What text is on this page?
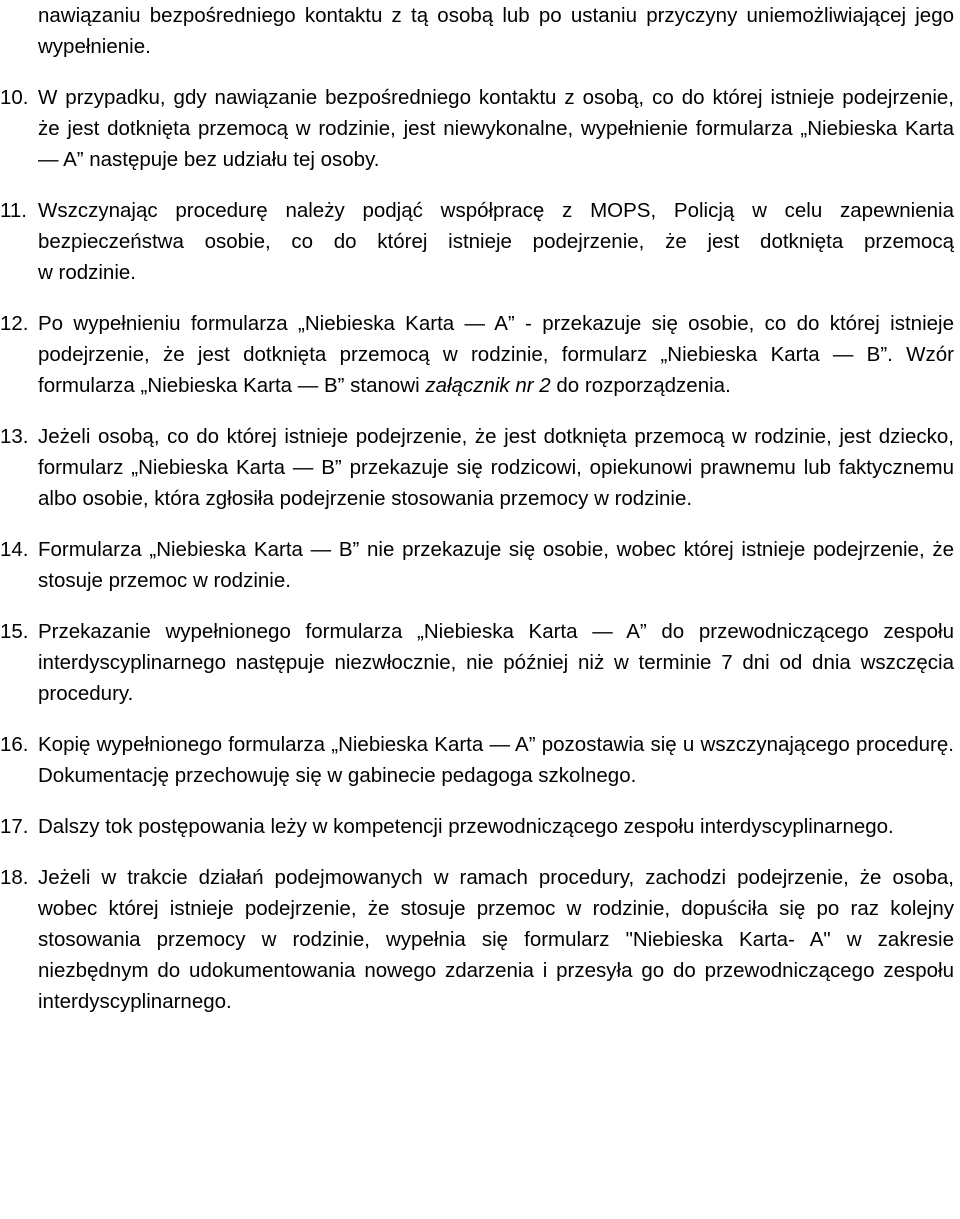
nawiązaniu bezpośredniego kontaktu z tą osobą lub po ustaniu przyczyny uniemożliwiającej jego wypełnienie.

10. W przypadku, gdy nawiązanie bezpośredniego kontaktu z osobą, co do której istnieje podejrzenie, że jest dotknięta przemocą w rodzinie, jest niewykonalne, wypełnienie formularza „Niebieska Karta — A” następuje bez udziału tej osoby.
11. Wszczynając procedurę należy podjąć współpracę z MOPS, Policją w celu zapewnienia bezpieczeństwa osobie, co do której istnieje podejrzenie, że jest dotknięta przemocą
w rodzinie.
12. Po wypełnieniu formularza „Niebieska Karta — A” - przekazuje się osobie, co do której istnieje podejrzenie, że jest dotknięta przemocą w rodzinie, formularz „Niebieska Karta — B”. Wzór formularza „Niebieska Karta — B” stanowi załącznik nr 2 do rozporządzenia.
13. Jeżeli osobą, co do której istnieje podejrzenie, że jest dotknięta przemocą w rodzinie, jest dziecko, formularz „Niebieska Karta — B” przekazuje się rodzicowi, opiekunowi prawnemu lub faktycznemu albo osobie, która zgłosiła podejrzenie stosowania przemocy w rodzinie.
14. Formularza „Niebieska Karta — B” nie przekazuje się osobie, wobec której istnieje podejrzenie, że stosuje przemoc w rodzinie.
15. Przekazanie wypełnionego formularza „Niebieska Karta — A” do przewodniczącego zespołu interdyscyplinarnego następuje niezwłocznie, nie później niż w terminie 7 dni od dnia wszczęcia procedury.
16. Kopię wypełnionego formularza „Niebieska Karta — A” pozostawia się u wszczynającego procedurę. Dokumentację przechowuję się w gabinecie pedagoga szkolnego.
17. Dalszy tok postępowania leży w kompetencji przewodniczącego zespołu interdyscyplinarnego.
18. Jeżeli w trakcie działań podejmowanych w ramach procedury, zachodzi podejrzenie, że osoba, wobec której istnieje podejrzenie, że stosuje przemoc w rodzinie, dopuściła się po raz kolejny stosowania przemocy w rodzinie, wypełnia się formularz "Niebieska Karta- A" w zakresie niezbędnym do udokumentowania nowego zdarzenia i przesyła go do przewodniczącego zespołu interdyscyplinarnego.
